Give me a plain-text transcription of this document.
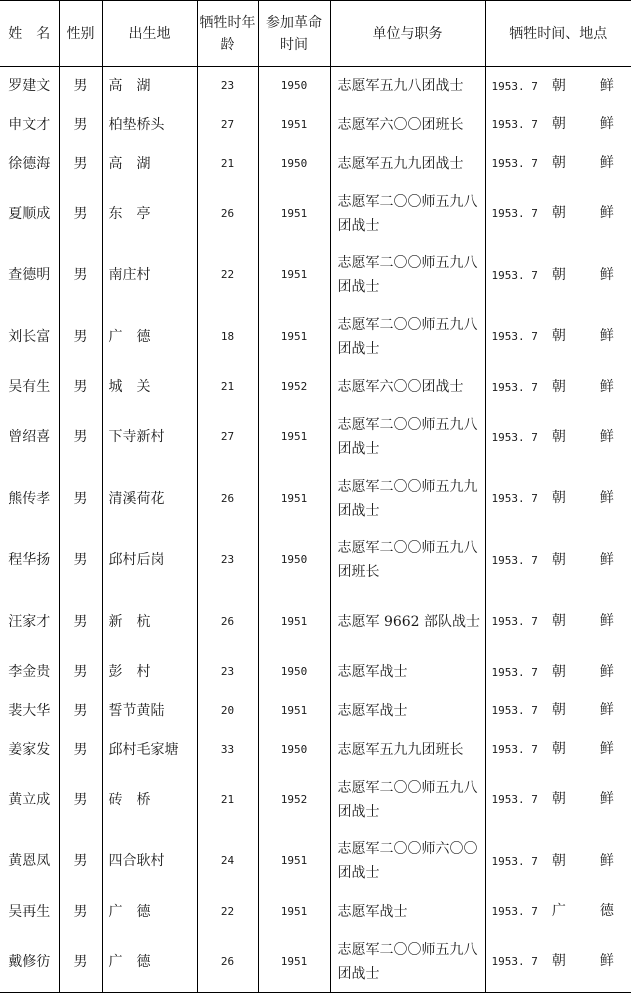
姓　名	性别	出生地	牺牲时年龄	参加革命时间	单位与职务	牺牲时间、地点
罗建文	男	高　湖	23	1950	志愿军五九八团战士	1953. 7 朝鲜
申文才	男	柏垫桥头	27	1951	志愿军六〇〇团班长	1953. 7 朝鲜
徐德海	男	高　湖	21	1950	志愿军五九九团战士	1953. 7 朝鲜
夏顺成	男	东　亭	26	1951	志愿军二〇〇师五九八团战士	1953. 7 朝鲜
查德明	男	南庄村	22	1951	志愿军二〇〇师五九八团战士	1953. 7 朝鲜
刘长富	男	广　德	18	1951	志愿军二〇〇师五九八团战士	1953. 7 朝鲜
吴有生	男	城　关	21	1952	志愿军六〇〇团战士	1953. 7 朝鲜
曾绍喜	男	下寺新村	27	1951	志愿军二〇〇师五九八团战士	1953. 7 朝鲜
熊传孝	男	清溪荷花	26	1951	志愿军二〇〇师五九九团战士	1953. 7 朝鲜
程华扬	男	邱村后岗	23	1950	志愿军二〇〇师五九八团班长	1953. 7 朝鲜
汪家才	男	新　杭	26	1951	志愿军 9662 部队战士	1953. 7 朝鲜
李金贵	男	彭　村	23	1950	志愿军战士	1953. 7 朝鲜
裴大华	男	誓节黄陆	20	1951	志愿军战士	1953. 7 朝鲜
姜家发	男	邱村毛家塘	33	1950	志愿军五九九团班长	1953. 7 朝鲜
黄立成	男	砖　桥	21	1952	志愿军二〇〇师五九八团战士	1953. 7 朝鲜
黄恩凤	男	四合耿村	24	1951	志愿军二〇〇师六〇〇团战士	1953. 7 朝鲜
吴再生	男	广　德	22	1951	志愿军战士	1953. 7 广德
戴修彷	男	广　德	26	1951	志愿军二〇〇师五九八团战士	1953. 7 朝鲜
